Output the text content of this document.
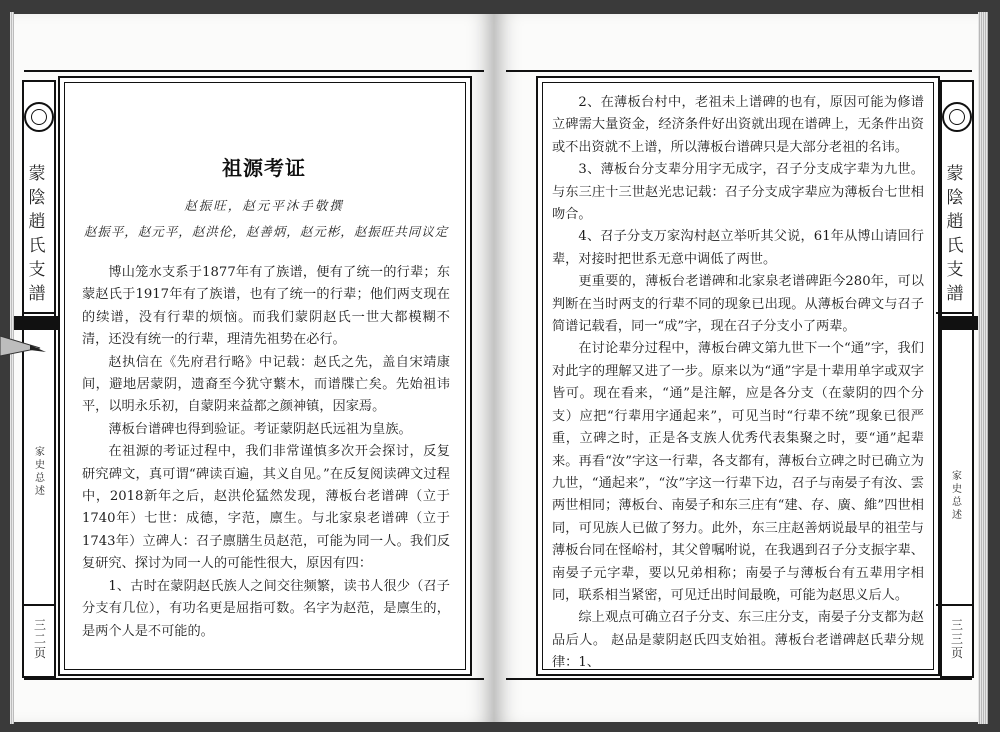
蒙
陰
趙
氏
支
譜
家
史
总
述
三
二
页
祖源考证
赵振旺，赵元平沐手敬撰
赵振平，赵元平，赵洪伦，赵善炳，赵元彬，赵振旺共同议定

博山笼水支系于1877年有了族谱，便有了统一的行辈；东蒙赵氏于1917年有了族谱，也有了统一的行辈；他们两支现在的续谱，没有行辈的烦恼。而我们蒙阴赵氏一世大都模糊不清，还没有统一的行辈，理清先祖势在必行。

赵执信在《先府君行略》中记载：赵氏之先，盖自宋靖康间，避地居蒙阴，遗裔至今犹守蘩木，而谱牒亡矣。先始祖讳平，以明永乐初，自蒙阴来益都之颜神镇，因家焉。

薄板台谱碑也得到验证。考证蒙阴赵氏远祖为皇族。

在祖源的考证过程中，我们非常谨慎多次开会探讨，反复研究碑文，真可谓“碑读百遍，其义自见。”在反复阅读碑文过程中，2018新年之后，赵洪伦猛然发现，薄板台老谱碑（立于1740年）七世：成德，字范，廪生。与北家泉老谱碑（立于1743年）立碑人：召子廪膳生员赵范，可能为同一人。我们反复研究、探讨为同一人的可能性很大，原因有四：

1、古时在蒙阴赵氏族人之间交往频繁，读书人很少（召子分支有几位），有功名更是屈指可数。名字为赵范，是廪生的，是两个人是不可能的。

蒙
陰
趙
氏
支
譜
家
史
总
述
三
三
页

2、在薄板台村中，老祖未上谱碑的也有，原因可能为修谱立碑需大量资金，经济条件好出资就出现在谱碑上，无条件出资或不出资就不上谱，所以薄板台谱碑只是大部分老祖的名讳。

3、薄板台分支辈分用字无成字，召子分支成字辈为九世。与东三庄十三世赵光忠记载：召子分支成字辈应为薄板台七世相吻合。

4、召子分支万家沟村赵立举听其父说，61年从博山请回行辈，对接时把世系无意中调低了两世。

更重要的，薄板台老谱碑和北家泉老谱碑距今280年，可以判断在当时两支的行辈不同的现象已出现。从薄板台碑文与召子简谱记载看，同一“成”字，现在召子分支小了两辈。

在讨论辈分过程中，薄板台碑文第九世下一个“通”字，我们对此字的理解又进了一步。原来以为“通”字是十辈用单字或双字皆可。现在看来，“通”是注解，应是各分支（在蒙阴的四个分支）应把“行辈用字通起来”，可见当时“行辈不统”现象已很严重，立碑之时，正是各支族人优秀代表集聚之时，要“通”起辈来。再看“汝”字这一行辈，各支都有，薄板台立碑之时已确立为九世，“通起来”，“汝”字这一行辈下边，召子与南晏子有汝、雲两世相同；薄板台、南晏子和东三庄有“建、存、廣、維”四世相同，可见族人已做了努力。此外，东三庄赵善炳说最早的祖茔与薄板台同在怪峪村，其父曾嘱咐说，在我遇到召子分支振字辈、南晏子元字辈，要以兄弟相称；南晏子与薄板台有五辈用字相同，联系相当紧密，可见迁出时间最晚，可能为赵思义后人。

综上观点可确立召子分支、东三庄分支，南晏子分支都为赵品后人。 赵品是蒙阴赵氏四支始祖。薄板台老谱碑赵氏辈分规律：1、
